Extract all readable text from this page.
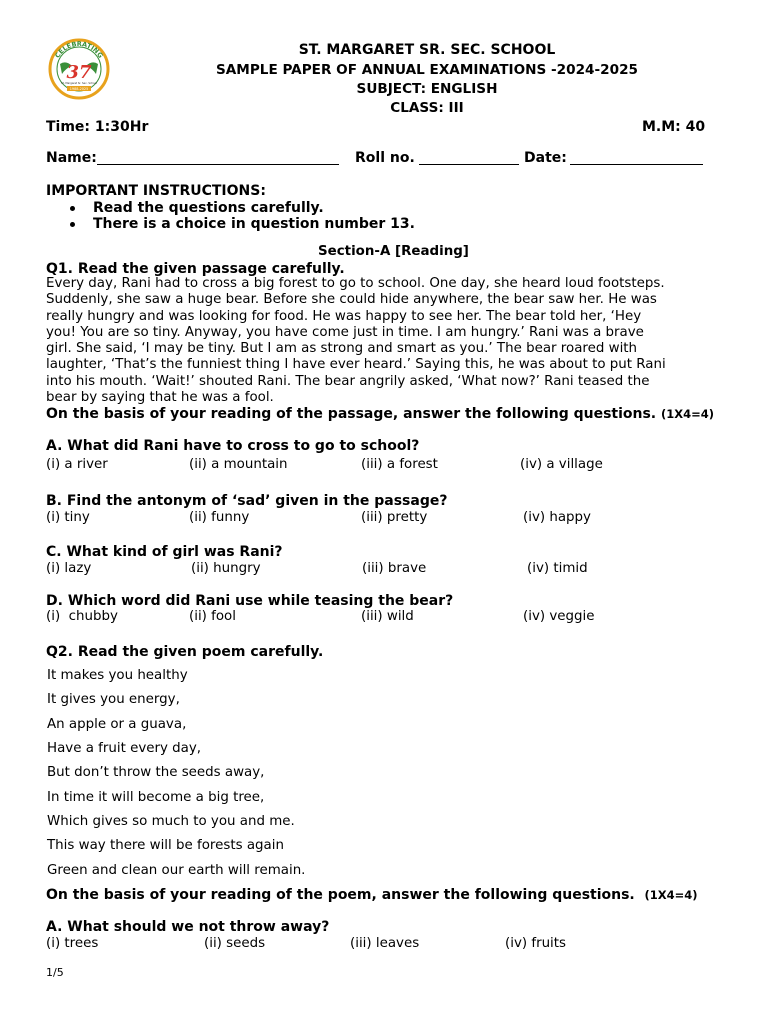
CELEBRATING
37
St. Margaret Sr. Sec. School
1988-2025
ST. MARGARET SR. SEC. SCHOOL
SAMPLE PAPER OF ANNUAL EXAMINATIONS -2024-2025
SUBJECT: ENGLISH
CLASS: III
Time: 1:30Hr	M.M: 40
Name:	Roll no.	Date:
IMPORTANT INSTRUCTIONS:
Read the questions carefully.
There is a choice in question number 13.
Section-A [Reading]
Q1. Read the given passage carefully.
Every day, Rani had to cross a big forest to go to school. One day, she heard loud footsteps.
Suddenly, she saw a huge bear. Before she could hide anywhere, the bear saw her. He was
really hungry and was looking for food. He was happy to see her. The bear told her, ‘Hey
you! You are so tiny. Anyway, you have come just in time. I am hungry.’ Rani was a brave
girl. She said, ‘I may be tiny. But I am as strong and smart as you.’ The bear roared with
laughter, ‘That’s the funniest thing I have ever heard.’ Saying this, he was about to put Rani
into his mouth. ‘Wait!’ shouted Rani. The bear angrily asked, ‘What now?’ Rani teased the
bear by saying that he was a fool.
On the basis of your reading of the passage, answer the following questions. (1X4=4)
A. What did Rani have to cross to go to school?
(i) a river	(ii) a mountain	(iii) a forest	(iv) a village
B. Find the antonym of ‘sad’ given in the passage?
(i) tiny	(ii) funny	(iii) pretty	(iv) happy
C. What kind of girl was Rani?
(i) lazy	(ii) hungry	(iii) brave	(iv) timid
D. Which word did Rani use while teasing the bear?
(i)  chubby	(ii) fool	(iii) wild	(iv) veggie
Q2. Read the given poem carefully.
It makes you healthy
It gives you energy,
An apple or a guava,
Have a fruit every day,
But don’t throw the seeds away,
In time it will become a big tree,
Which gives so much to you and me.
This way there will be forests again
Green and clean our earth will remain.
On the basis of your reading of the poem, answer the following questions. (1X4=4)
A. What should we not throw away?
(i) trees	(ii) seeds	(iii) leaves	(iv) fruits
1/5
